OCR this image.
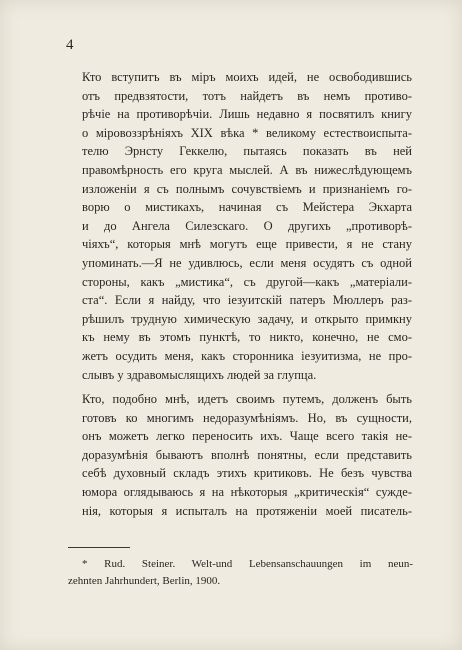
4

Кто вступитъ въ міръ моихъ идей, не освободившись
отъ предвзятости, тотъ найдетъ въ немъ противо-
рѣчіе на противорѣчіи. Лишь недавно я посвятилъ книгу
о міровоззрѣніяхъ XIX вѣка * великому естествоиспыта-
телю Эрнсту Геккелю, пытаясь показать въ ней
правомѣрность его круга мыслей. А въ нижеслѣдующемъ
изложеніи я съ полнымъ сочувствіемъ и признаніемъ го-
ворю о мистикахъ, начиная съ Мейстера Экхарта
и до Ангела Силезскаго. О другихъ „противорѣ-
чіяхъ“, которыя мнѣ могутъ еще привести, я не стану
упоминать.—Я не удивлюсь, если меня осудятъ съ одной
стороны, какъ „мистика“, съ другой—какъ „матеріали-
ста“. Если я найду, что іезуитскій патеръ Мюллеръ раз-
рѣшилъ трудную химическую задачу, и открыто примкну
къ нему въ этомъ пунктѣ, то никто, конечно, не смо-
жетъ осудить меня, какъ сторонника іезуитизма, не про-
слывъ у здравомыслящихъ людей за глупца.

Кто, подобно мнѣ, идетъ своимъ путемъ, долженъ быть
готовъ ко многимъ недоразумѣніямъ. Но, въ сущности,
онъ можетъ легко переносить ихъ. Чаще всего такія не-
доразумѣнія бываютъ вполнѣ понятны, если представить
себѣ духовный складъ этихъ критиковъ. Не безъ чувства
юмора оглядываюсь я на нѣкоторыя „критическія“ сужде-
нія, которыя я испыталъ на протяженіи моей писатель-

* Rud. Steiner. Welt-und Lebensanschauungen im neun-
zehnten Jahrhundert, Berlin, 1900.
